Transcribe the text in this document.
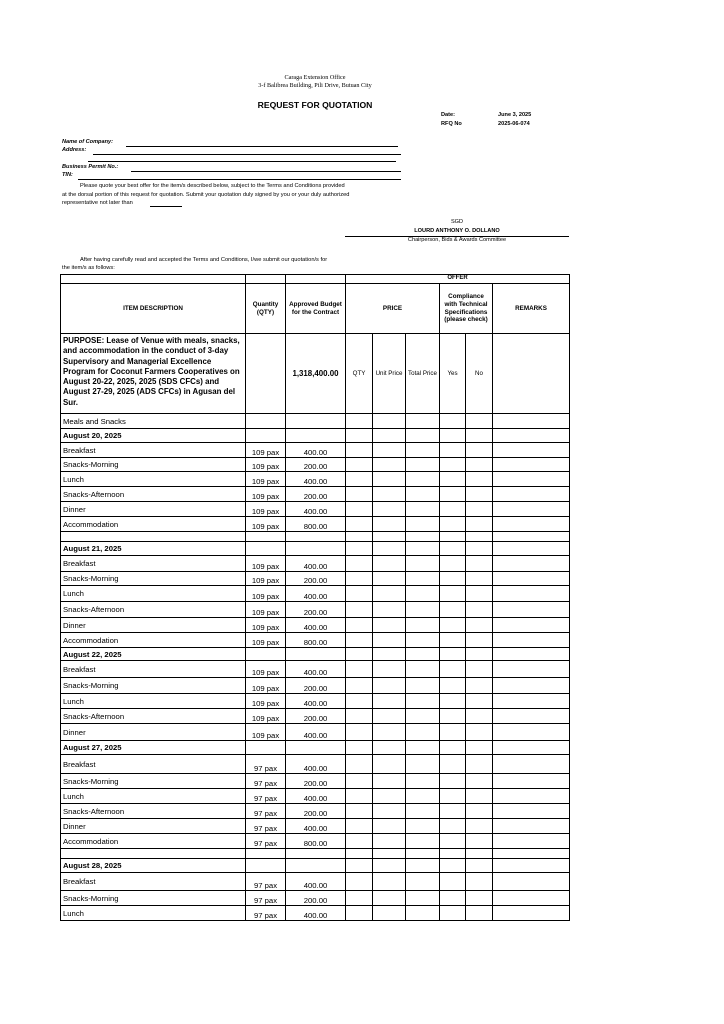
Caraga Extension Office
3-f Balibrea Building, Pili Drive, Butuan City
REQUEST FOR QUOTATION
Date:	June 3, 2025
RFQ No	2025-06-074
Name of Company:
Address:
Business Permit No.:
TIN:
Please quote your best offer for the item/s described below, subject to the Terms and Conditions provided
at the dorsal portion of this request for quotation. Submit your quotation duly signed by you or your duly authorized
representative not later than
SGD
LOURD ANTHONY O. DOLLANO
Chairperson, Bids & Awards Committee
After having carefully read and accepted the Terms and Conditions, I/we submit our quotation/s for
the item/s as follows:
			OFFER					
ITEM DESCRIPTION	Quantity (QTY)	Approved Budget for the Contract	PRICE			Compliance with Technical Specifications (please check)		REMARKS
PURPOSE: Lease of Venue with meals, snacks, and accommodation in the conduct of 3-day Supervisory and Managerial Excellence Program for Coconut Farmers Cooperatives on August 20-22, 2025, 2025 (SDS CFCs) and August 27-29, 2025 (ADS CFCs) in Agusan del Sur.		1,318,400.00	QTY	Unit Price	Total Price	Yes	No	
Meals and Snacks								
August 20, 2025								
Breakfast	109 pax	400.00						
Snacks-Morning	109 pax	200.00						
Lunch	109 pax	400.00						
Snacks-Afternoon	109 pax	200.00						
Dinner	109 pax	400.00						
Accommodation	109 pax	800.00						

August 21, 2025								
Breakfast	109 pax	400.00						
Snacks-Morning	109 pax	200.00						
Lunch	109 pax	400.00						
Snacks-Afternoon	109 pax	200.00						
Dinner	109 pax	400.00						
Accommodation	109 pax	800.00						
August 22, 2025								
Breakfast	109 pax	400.00						
Snacks-Morning	109 pax	200.00						
Lunch	109 pax	400.00						
Snacks-Afternoon	109 pax	200.00						
Dinner	109 pax	400.00						
August 27, 2025								
Breakfast	97 pax	400.00						
Snacks-Morning	97 pax	200.00						
Lunch	97 pax	400.00						
Snacks-Afternoon	97 pax	200.00						
Dinner	97 pax	400.00						
Accommodation	97 pax	800.00						

August 28, 2025								
Breakfast	97 pax	400.00						
Snacks-Morning	97 pax	200.00						
Lunch	97 pax	400.00						
